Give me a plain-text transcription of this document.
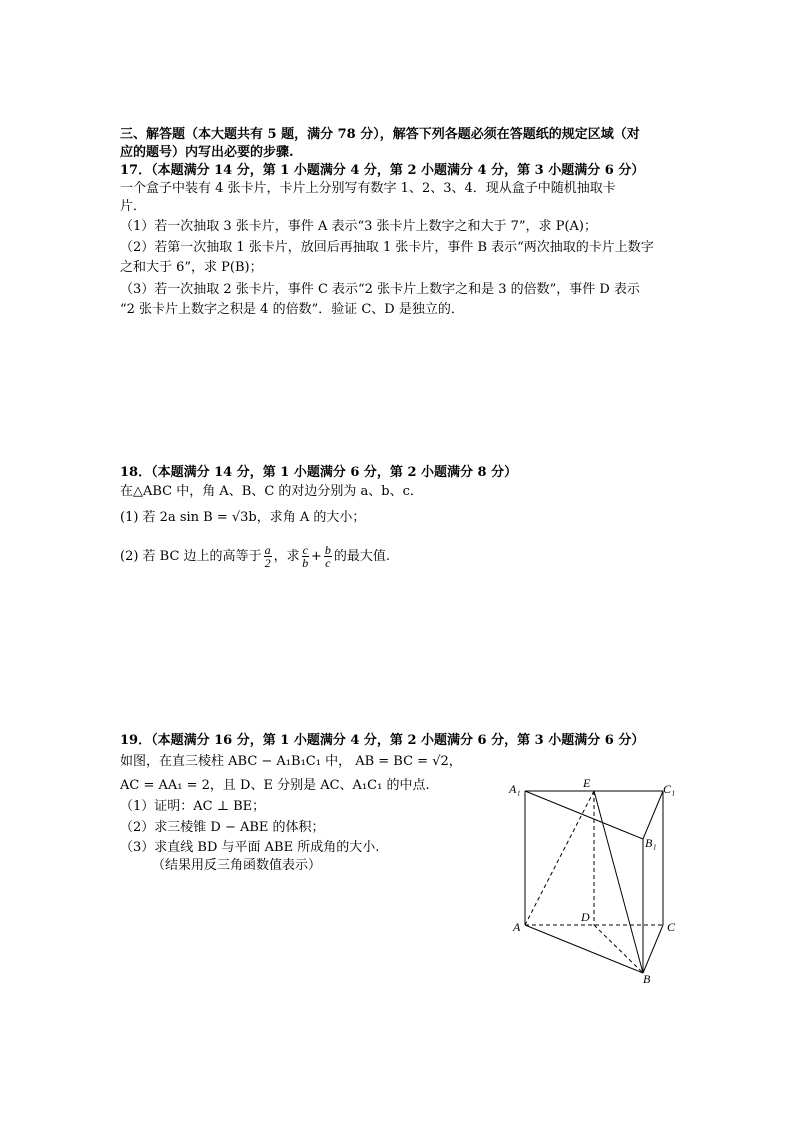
三、解答题（本大题共有 5 题，满分 78 分），解答下列各题必须在答题纸的规定区域（对
应的题号）内写出必要的步骤.
17．（本题满分 14 分，第 1 小题满分 4 分，第 2 小题满分 4 分，第 3 小题满分 6 分）
一个盒子中装有 4 张卡片，卡片上分别写有数字 1、2、3、4．现从盒子中随机抽取卡
片．
（1）若一次抽取 3 张卡片，事件 A 表示“3 张卡片上数字之和大于 7”，求 P(A)；
（2）若第一次抽取 1 张卡片，放回后再抽取 1 张卡片，事件 B 表示“两次抽取的卡片上数字
之和大于 6”，求 P(B)；
（3）若一次抽取 2 张卡片，事件 C 表示“2 张卡片上数字之和是 3 的倍数”，事件 D 表示
“2 张卡片上数字之积是 4 的倍数”．验证 C、D 是独立的．
18．（本题满分 14 分，第 1 小题满分 6 分，第 2 小题满分 8 分）
在△ABC 中，角 A、B、C 的对边分别为 a、b、c．
(1) 若 2a sin B = √3b，求角 A 的大小；
(2) 若 BC 边上的高等于 $\frac{a}{2}$ ，求 $\frac{c}{b} + \frac{b}{c}$ 的最大值.
19．（本题满分 16 分，第 1 小题满分 4 分，第 2 小题满分 6 分，第 3 小题满分 6 分）
如图，在直三棱柱 ABC − A₁B₁C₁ 中， AB = BC = √2，
AC = AA₁ = 2，且 D、E 分别是 AC、A₁C₁ 的中点.
（1）证明：AC ⊥ BE；
（2）求三棱锥 D − ABE 的体积；
（3）求直线 BD 与平面 ABE 所成角的大小.
（结果用反三角函数值表示）
A₁	E	C₁
B₁
D
A	C
B
